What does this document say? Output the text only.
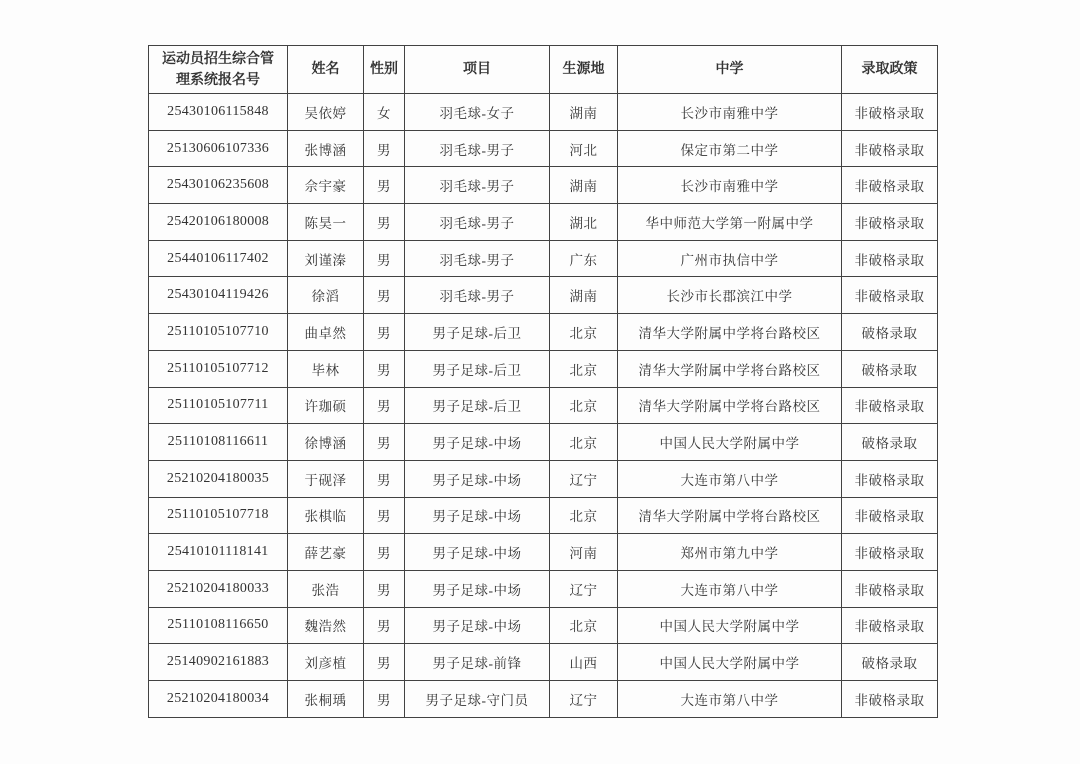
运动员招生综合管理系统报名号	姓名	性别	项目	生源地	中学	录取政策
25430106115848	吴依婷	女	羽毛球-女子	湖南	长沙市南雅中学	非破格录取
25130606107336	张博涵	男	羽毛球-男子	河北	保定市第二中学	非破格录取
25430106235608	佘宇豪	男	羽毛球-男子	湖南	长沙市南雅中学	非破格录取
25420106180008	陈昊一	男	羽毛球-男子	湖北	华中师范大学第一附属中学	非破格录取
25440106117402	刘谨溱	男	羽毛球-男子	广东	广州市执信中学	非破格录取
25430104119426	徐滔	男	羽毛球-男子	湖南	长沙市长郡滨江中学	非破格录取
25110105107710	曲卓然	男	男子足球-后卫	北京	清华大学附属中学将台路校区	破格录取
25110105107712	毕林	男	男子足球-后卫	北京	清华大学附属中学将台路校区	破格录取
25110105107711	许珈硕	男	男子足球-后卫	北京	清华大学附属中学将台路校区	非破格录取
25110108116611	徐博涵	男	男子足球-中场	北京	中国人民大学附属中学	破格录取
25210204180035	于砚泽	男	男子足球-中场	辽宁	大连市第八中学	非破格录取
25110105107718	张棋临	男	男子足球-中场	北京	清华大学附属中学将台路校区	非破格录取
25410101118141	薛艺豪	男	男子足球-中场	河南	郑州市第九中学	非破格录取
25210204180033	张浩	男	男子足球-中场	辽宁	大连市第八中学	非破格录取
25110108116650	魏浩然	男	男子足球-中场	北京	中国人民大学附属中学	非破格录取
25140902161883	刘彦植	男	男子足球-前锋	山西	中国人民大学附属中学	破格录取
25210204180034	张桐瑀	男	男子足球-守门员	辽宁	大连市第八中学	非破格录取
